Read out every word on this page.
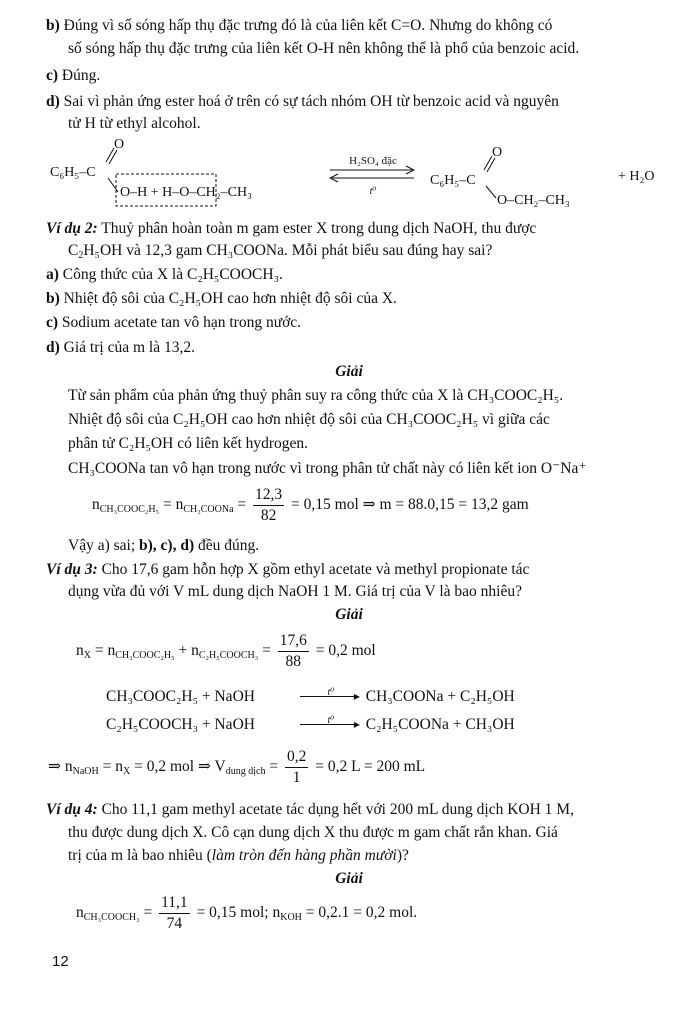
b) Đúng vì số sóng hấp thụ đặc trưng đó là của liên kết C=O. Nhưng do không có
số sóng hấp thụ đặc trưng của liên kết O-H nên không thể là phổ của benzoic acid.
c) Đúng.
d) Sai vì phản ứng ester hoá ở trên có sự tách nhóm OH từ benzoic acid và nguyên
tử H từ ethyl alcohol.
C₆H₅–C
O
O–H + H–O–CH₂–CH₃
H₂SO₄ đặc
t⁰
C₆H₅–C
O
O–CH₂–CH₃
+ H₂O
Ví dụ 2: Thuỷ phân hoàn toàn m gam ester X trong dung dịch NaOH, thu được
$C_2H_5OH$ và 12,3 gam CH₃COONa. Mỗi phát biểu sau đúng hay sai?
a) Công thức của X là C₂H₅COOCH₃.
b) Nhiệt độ sôi của C₂H₅OH cao hơn nhiệt độ sôi của X.
c) Sodium acetate tan vô hạn trong nước.
d) Giá trị của m là 13,2.
Giải
Từ sản phẩm của phản ứng thuỷ phân suy ra công thức của X là CH₃COOC₂H₅.
Nhiệt độ sôi của C₂H₅OH cao hơn nhiệt độ sôi của CH₃COOC₂H₅ vì giữa các
phân tử C₂H₅OH có liên kết hydrogen.
CH₃COONa tan vô hạn trong nước vì trong phân tử chất này có liên kết ion O⁻Na⁺
$n_{CH_3COOC_2H_5} = n_{CH_3COONa} = \frac{12,3}{82} = 0,15$ mol ⇒ m = 88.0,15 = 13,2 gam
Vậy a) sai; b), c), d) đều đúng.
Ví dụ 3: Cho 17,6 gam hỗn hợp X gồm ethyl acetate và methyl propionate tác
dụng vừa đủ với V mL dung dịch NaOH 1 M. Giá trị của V là bao nhiêu?
Giải
$n_X = n_{CH_3COOC_2H_5} + n_{C_2H_5COOCH_3} = \frac{17,6}{88} = 0,2$ mol
CH₃COOC₂H₅ + NaOH	t⁰	▸ CH₃COONa + C₂H₅OH
C₂H₅COOCH₃ + NaOH	t⁰	▸ C₂H₅COONa + CH₃OH
⇒ $n_{NaOH} = n_X = 0,2$ mol ⇒ $V_{dung dịch} = \frac{0,2}{1} = 0,2$ L = 200 mL
Ví dụ 4: Cho 11,1 gam methyl acetate tác dụng hết với 200 mL dung dịch KOH 1 M,
thu được dung dịch X. Cô cạn dung dịch X thu được m gam chất rắn khan. Giá
trị của m là bao nhiêu (làm tròn đến hàng phần mười)?
Giải
$n_{CH_3COOCH_3} = \frac{11,1}{74} = 0,15$ mol; $n_{KOH} = 0,2.1 = 0,2$ mol.
12
